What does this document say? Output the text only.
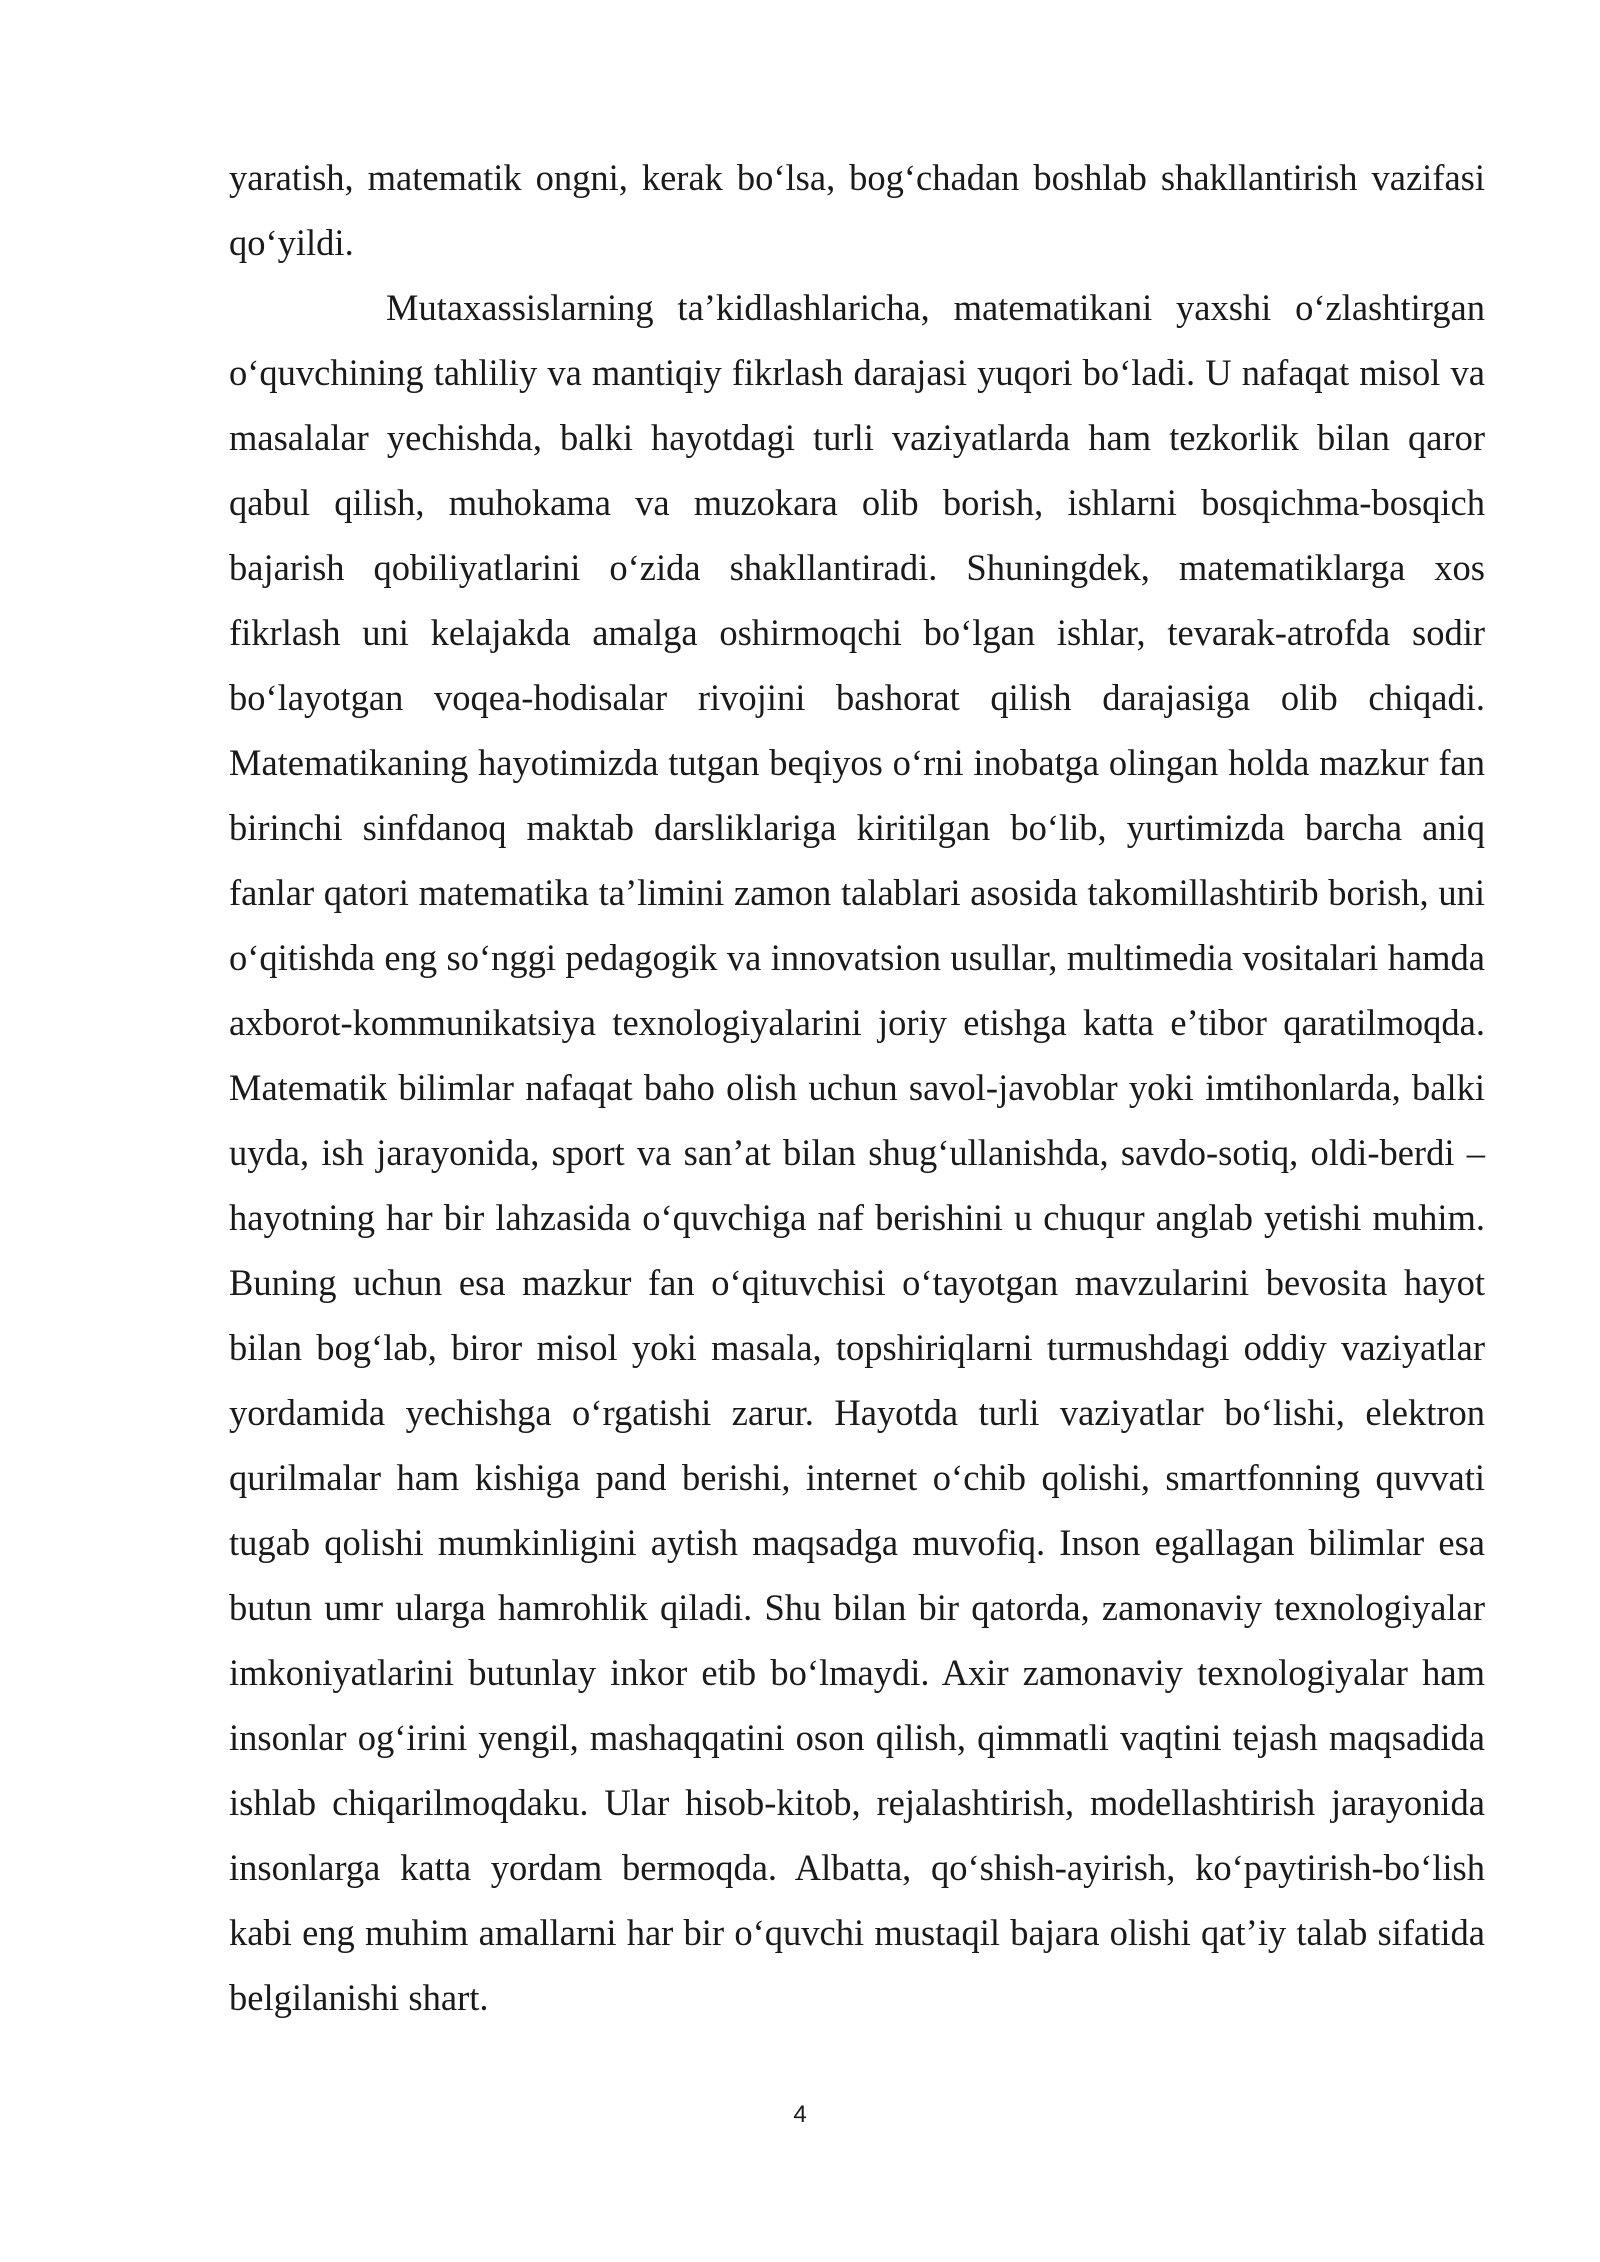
yaratish, matematik ongni, kerak bo‘lsa, bog‘chadan boshlab shakllantirish vazifasi qo‘yildi.

Mutaxassislarning ta’kidlashlaricha, matematikani yaxshi o‘zlashtirgan o‘quvchining tahliliy va mantiqiy fikrlash darajasi yuqori bo‘ladi. U nafaqat misol va masalalar yechishda, balki hayotdagi turli vaziyatlarda ham tezkorlik bilan qaror qabul qilish, muhokama va muzokara olib borish, ishlarni bosqichma-bosqich bajarish qobiliyatlarini o‘zida shakllantiradi. Shuningdek, matematiklarga xos fikrlash uni kelajakda amalga oshirmoqchi bo‘lgan ishlar, tevarak-atrofda sodir bo‘layotgan voqea-hodisalar rivojini bashorat qilish darajasiga olib chiqadi. Matematikaning hayotimizda tutgan beqiyos o‘rni inobatga olingan holda mazkur fan birinchi sinfdanoq maktab darsliklariga kiritilgan bo‘lib, yurtimizda barcha aniq fanlar qatori matematika ta’limini zamon talablari asosida takomillashtirib borish, uni o‘qitishda eng so‘nggi pedagogik va innovatsion usullar, multimedia vositalari hamda axborot-kommunikatsiya texnologiyalarini joriy etishga katta e’tibor qaratilmoqda. Matematik bilimlar nafaqat baho olish uchun savol-javoblar yoki imtihonlarda, balki uyda, ish jarayonida, sport va san’at bilan shug‘ullanishda, savdo-sotiq, oldi-berdi – hayotning har bir lahzasida o‘quvchiga naf berishini u chuqur anglab yetishi muhim. Buning uchun esa mazkur fan o‘qituvchisi o‘tayotgan mavzularini bevosita hayot bilan bog‘lab, biror misol yoki masala, topshiriqlarni turmushdagi oddiy vaziyatlar yordamida yechishga o‘rgatishi zarur. Hayotda turli vaziyatlar bo‘lishi, elektron qurilmalar ham kishiga pand berishi, internet o‘chib qolishi, smartfonning quvvati tugab qolishi mumkinligini aytish maqsadga muvofiq. Inson egallagan bilimlar esa butun umr ularga hamrohlik qiladi. Shu bilan bir qatorda, zamonaviy texnologiyalar imkoniyatlarini butunlay inkor etib bo‘lmaydi. Axir zamonaviy texnologiyalar ham insonlar og‘irini yengil, mashaqqatini oson qilish, qimmatli vaqtini tejash maqsadida ishlab chiqarilmoqdaku. Ular hisob-kitob, rejalashtirish, modellashtirish jarayonida insonlarga katta yordam bermoqda. Albatta, qo‘shish-ayirish, ko‘paytirish-bo‘lish kabi eng muhim amallarni har bir o‘quvchi mustaqil bajara olishi qat’iy talab sifatida belgilanishi shart.

4
